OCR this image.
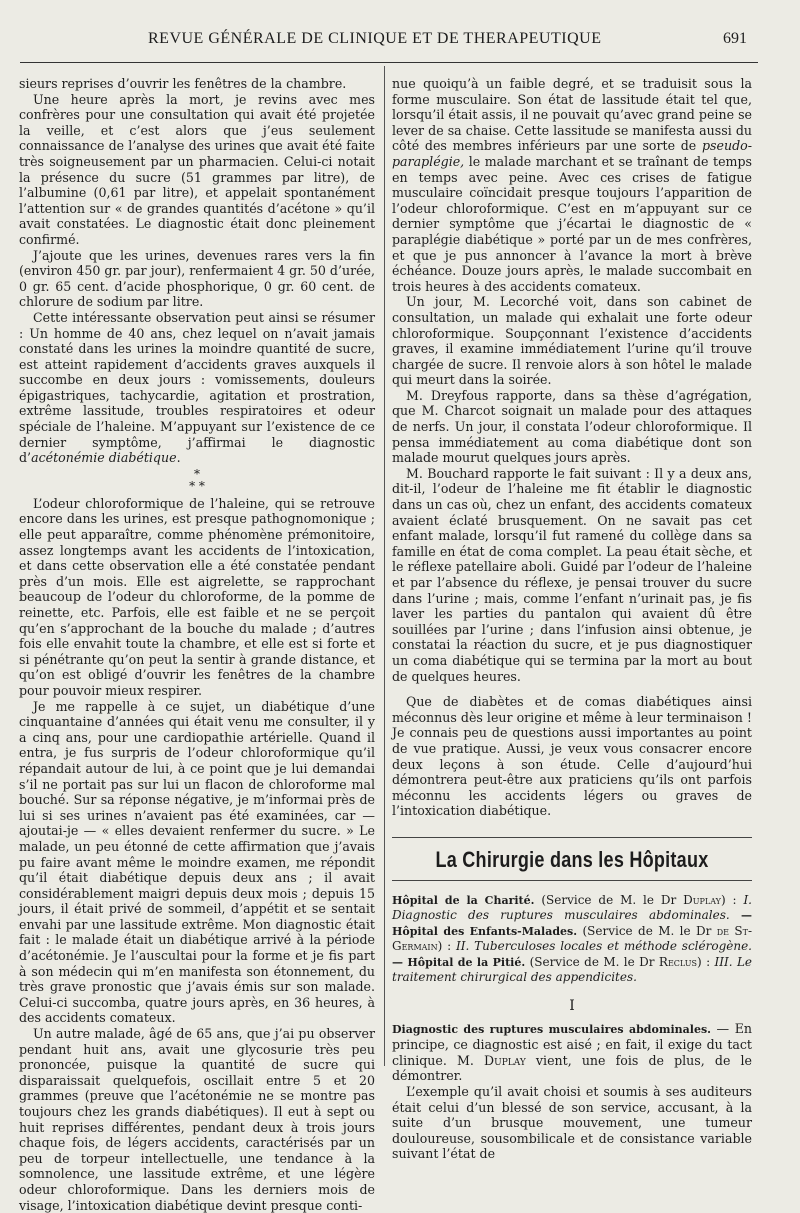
REVUE GÉNÉRALE DE CLINIQUE ET DE THERAPEUTIQUE	691

sieurs reprises d’ouvrir les fenêtres de la chambre.

Une heure après la mort, je revins avec mes confrères pour une consultation qui avait été projetée la veille, et c’est alors que j’eus seulement connaissance de l’analyse des urines que avait été faite très soigneusement par un pharmacien. Celui-ci notait la présence du sucre (51 grammes par litre), de l’albumine (0,61 par litre), et appelait spontanément l’attention sur « de grandes quantités d’acétone » qu’il avait constatées. Le diagnostic était donc pleinement confirmé.

J’ajoute que les urines, devenues rares vers la fin (environ 450 gr. par jour), renfermaient 4 gr. 50 d’urée, 0 gr. 65 cent. d’acide phosphorique, 0 gr. 60 cent. de chlorure de sodium par litre.

Cette intéressante observation peut ainsi se résumer : Un homme de 40 ans, chez lequel on n’avait jamais constaté dans les urines la moindre quantité de sucre, est atteint rapidement d’accidents graves auxquels il succombe en deux jours : vomissements, douleurs épigastriques, tachycardie, agitation et prostration, extrême lassitude, troubles respiratoires et odeur spéciale de l’haleine. M’appuyant sur l’existence de ce dernier symptôme, j’affirmai le diagnostic d’acétonémie diabétique.

*
* *

L’odeur chloroformique de l’haleine, qui se retrouve encore dans les urines, est presque pathognomonique ; elle peut apparaître, comme phénomène prémonitoire, assez longtemps avant les accidents de l’intoxication, et dans cette observation elle a été constatée pendant près d’un mois. Elle est aigrelette, se rapprochant beaucoup de l’odeur du chloroforme, de la pomme de reinette, etc. Parfois, elle est faible et ne se perçoit qu’en s’approchant de la bouche du malade ; d’autres fois elle envahit toute la chambre, et elle est si forte et si pénétrante qu’on peut la sentir à grande distance, et qu’on est obligé d’ouvrir les fenêtres de la chambre pour pouvoir mieux respirer.

Je me rappelle à ce sujet, un diabétique d’une cinquantaine d’années qui était venu me consulter, il y a cinq ans, pour une cardiopathie artérielle. Quand il entra, je fus surpris de l’odeur chloroformique qu’il répandait autour de lui, à ce point que je lui demandai s’il ne portait pas sur lui un flacon de chloroforme mal bouché. Sur sa réponse négative, je m’informai près de lui si ses urines n’avaient pas été examinées, car — ajoutai-je — « elles devaient renfermer du sucre. » Le malade, un peu étonné de cette affirmation que j’avais pu faire avant même le moindre examen, me répondit qu’il était diabétique depuis deux ans ; il avait considérablement maigri depuis deux mois ; depuis 15 jours, il était privé de sommeil, d’appétit et se sentait envahi par une lassitude extrême. Mon diagnostic était fait : le malade était un diabétique arrivé à la période d’acétonémie. Je l’auscultai pour la forme et je fis part à son médecin qui m’en manifesta son étonnement, du très grave pronostic que j’avais émis sur son malade. Celui-ci succomba, quatre jours après, en 36 heures, à des accidents comateux.

Un autre malade, âgé de 65 ans, que j’ai pu observer pendant huit ans, avait une glycosurie très peu prononcée, puisque la quantité de sucre qui disparaissait quelquefois, oscillait entre 5 et 20 grammes (preuve que l’acétonémie ne se montre pas toujours chez les grands diabétiques). Il eut à sept ou huit reprises différentes, pendant deux à trois jours chaque fois, de légers accidents, caractérisés par un peu de torpeur intellectuelle, une tendance à la somnolence, une lassitude extrême, et une légère odeur chloroformique. Dans les derniers mois de visage, l’intoxication diabétique devint presque conti-

nue quoiqu’à un faible degré, et se traduisit sous la forme musculaire. Son état de lassitude était tel que, lorsqu’il était assis, il ne pouvait qu’avec grand peine se lever de sa chaise. Cette lassitude se manifesta aussi du côté des membres inférieurs par une sorte de pseudo-paraplégie, le malade marchant et se traînant de temps en temps avec peine. Avec ces crises de fatigue musculaire coïncidait presque toujours l’apparition de l’odeur chloroformique. C’est en m’appuyant sur ce dernier symptôme que j’écartai le diagnostic de « paraplégie diabétique » porté par un de mes confrères, et que je pus annoncer à l’avance la mort à brève échéance. Douze jours après, le malade succombait en trois heures à des accidents comateux.

Un jour, M. Lecorché voit, dans son cabinet de consultation, un malade qui exhalait une forte odeur chloroformique. Soupçonnant l’existence d’accidents graves, il examine immédiatement l’urine qu’il trouve chargée de sucre. Il renvoie alors à son hôtel le malade qui meurt dans la soirée.

M. Dreyfous rapporte, dans sa thèse d’agrégation, que M. Charcot soignait un malade pour des attaques de nerfs. Un jour, il constata l’odeur chloroformique. Il pensa immédiatement au coma diabétique dont son malade mourut quelques jours après.

M. Bouchard rapporte le fait suivant : Il y a deux ans, dit-il, l’odeur de l’haleine me fit établir le diagnostic dans un cas où, chez un enfant, des accidents comateux avaient éclaté brusquement. On ne savait pas cet enfant malade, lorsqu’il fut ramené du collège dans sa famille en état de coma complet. La peau était sèche, et le réflexe patellaire aboli. Guidé par l’odeur de l’haleine et par l’absence du réflexe, je pensai trouver du sucre dans l’urine ; mais, comme l’enfant n’urinait pas, je fis laver les parties du pantalon qui avaient dû être souillées par l’urine ; dans l’infusion ainsi obtenue, je constatai la réaction du sucre, et je pus diagnostiquer un coma diabétique qui se termina par la mort au bout de quelques heures.

Que de diabètes et de comas diabétiques ainsi méconnus dès leur origine et même à leur terminaison ! Je connais peu de questions aussi importantes au point de vue pratique. Aussi, je veux vous consacrer encore deux leçons à son étude. Celle d’aujourd’hui démontrera peut-être aux praticiens qu’ils ont parfois méconnu les accidents légers ou graves de l’intoxication diabétique.

La Chirurgie dans les Hôpitaux

Hôpital de la Charité. (Service de M. le Dr Duplay) : I. Diagnostic des ruptures musculaires abdominales. — Hôpital des Enfants-Malades. (Service de M. le Dr de St-Germain) : II. Tuberculoses locales et méthode sclérogène. — Hôpital de la Pitié. (Service de M. le Dr Reclus) : III. Le traitement chirurgical des appendicites.

I

Diagnostic des ruptures musculaires abdominales. — En principe, ce diagnostic est aisé ; en fait, il exige du tact clinique. M. Duplay vient, une fois de plus, de le démontrer.

L’exemple qu’il avait choisi et soumis à ses auditeurs était celui d’un blessé de son service, accusant, à la suite d’un brusque mouvement, une tumeur douloureuse, sousombilicale et de consistance variable suivant l’état de
